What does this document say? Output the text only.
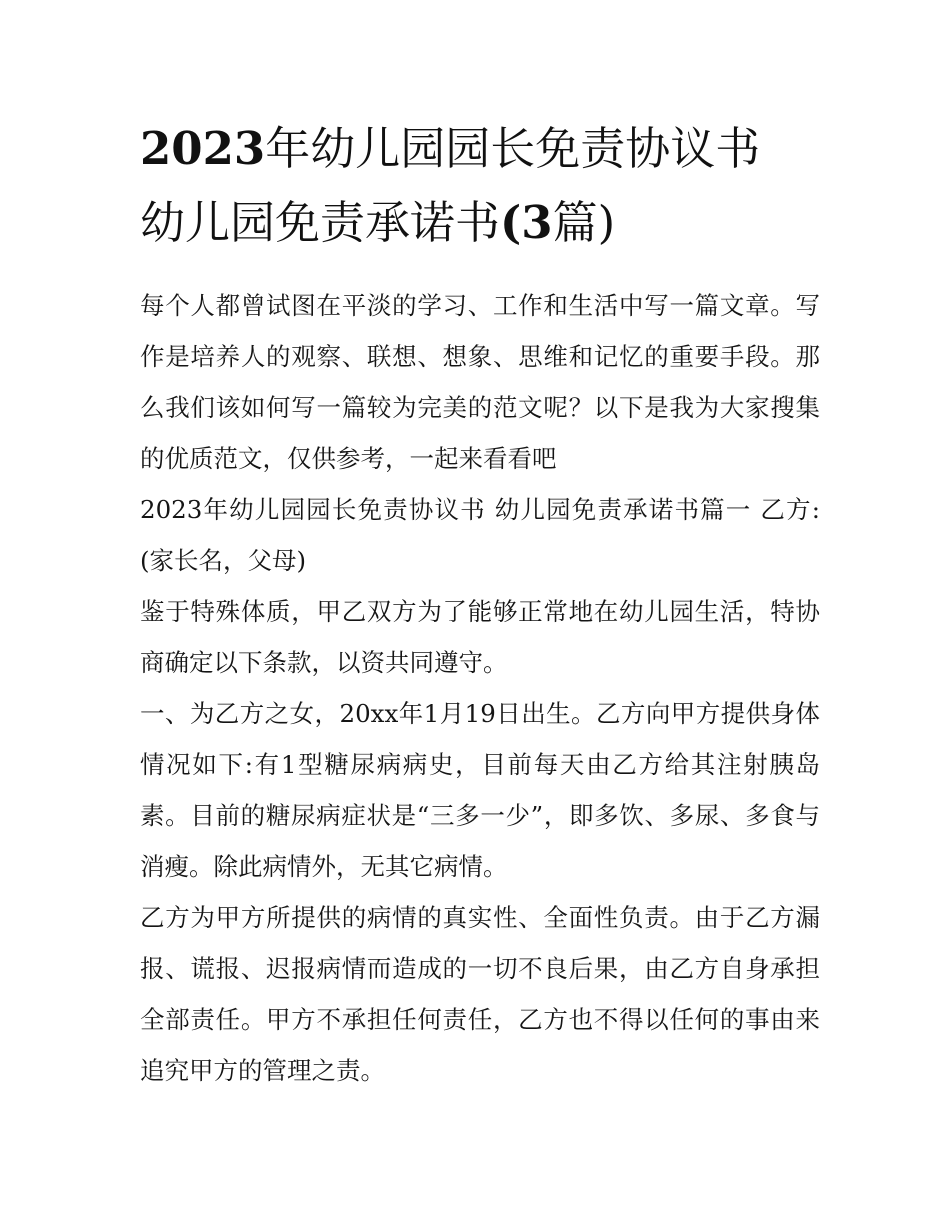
2023年幼儿园园长免责协议书
幼儿园免责承诺书(3篇)

每个人都曾试图在平淡的学习、工作和生活中写一篇文章。写作是培养人的观察、联想、想象、思维和记忆的重要手段。那么我们该如何写一篇较为完美的范文呢？以下是我为大家搜集的优质范文，仅供参考，一起来看看吧

2023年幼儿园园长免责协议书 幼儿园免责承诺书篇一 乙方:(家长名，父母)

鉴于特殊体质，甲乙双方为了能够正常地在幼儿园生活，特协商确定以下条款，以资共同遵守。

一、为乙方之女，20xx年1月19日出生。乙方向甲方提供身体情况如下:有1型糖尿病病史，目前每天由乙方给其注射胰岛素。目前的糖尿病症状是“三多一少”，即多饮、多尿、多食与消瘦。除此病情外，无其它病情。

乙方为甲方所提供的病情的真实性、全面性负责。由于乙方漏报、谎报、迟报病情而造成的一切不良后果，由乙方自身承担全部责任。甲方不承担任何责任，乙方也不得以任何的事由来追究甲方的管理之责。
